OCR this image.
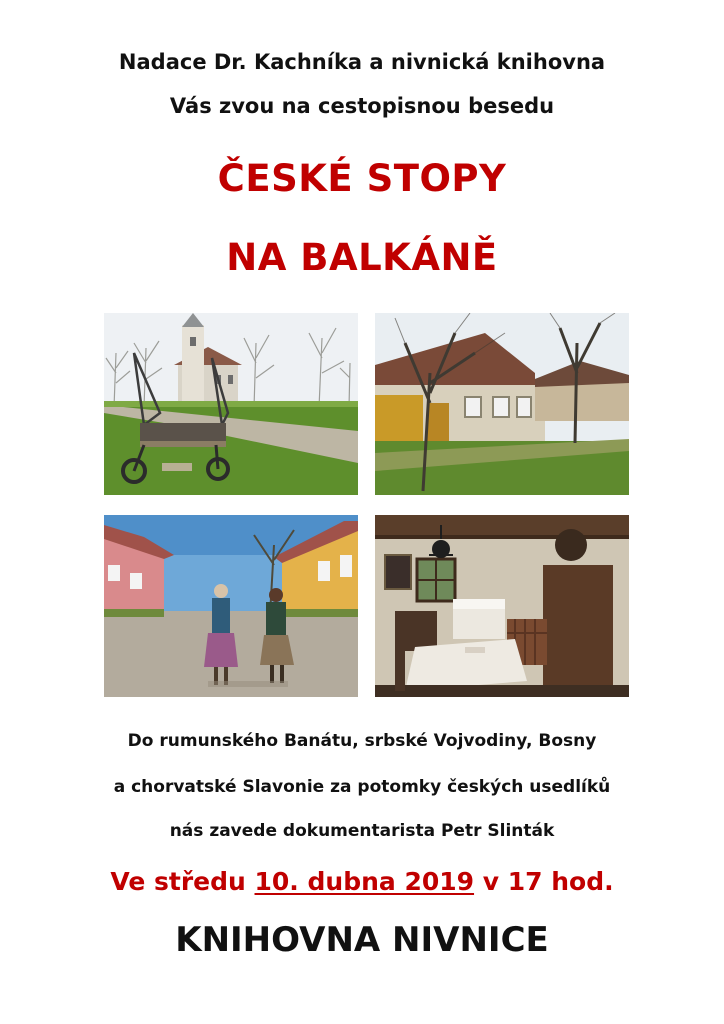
Nadace Dr. Kachníka a nivnická knihovna
Vás zvou na cestopisnou besedu
ČESKÉ STOPY
NA BALKÁNĚ
Do rumunského Banátu, srbské Vojvodiny, Bosny
a chorvatské Slavonie za potomky českých usedlíků
nás zavede dokumentarista Petr Slinták
Ve středu 10. dubna 2019 v 17 hod.
KNIHOVNA NIVNICE
